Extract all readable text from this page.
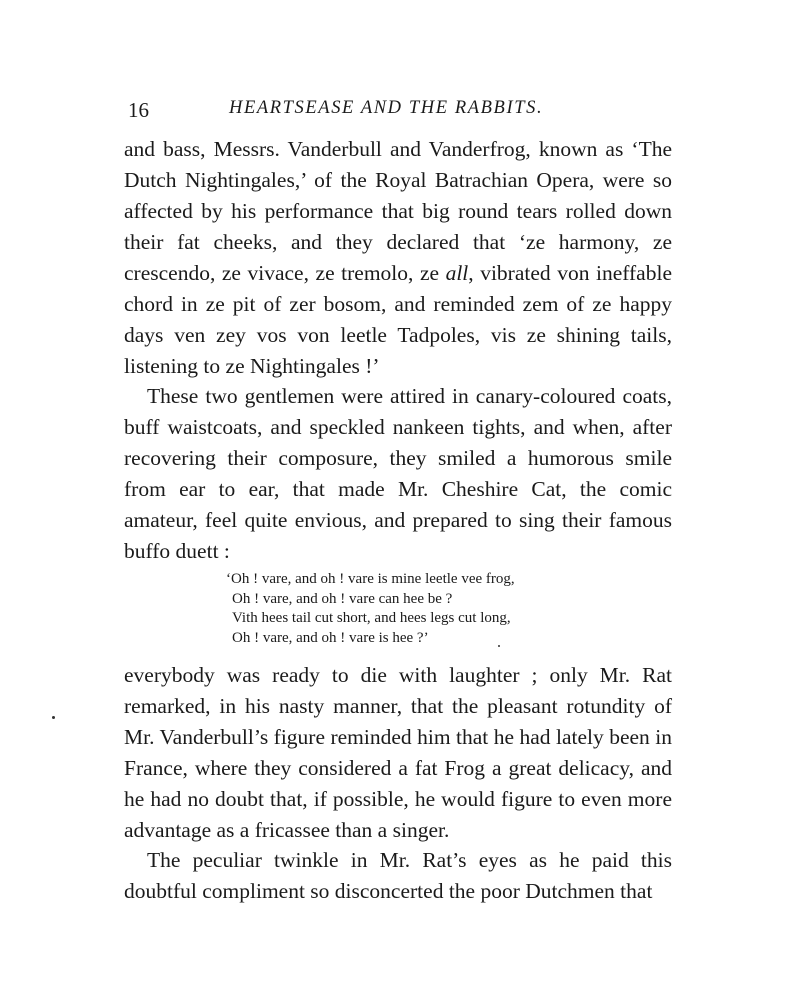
16	HEARTSEASE AND THE RABBITS.

and bass, Messrs. Vanderbull and Vanderfrog, known as ‘The Dutch Nightingales,’ of the Royal Batrachian Opera, were so affected by his performance that big round tears rolled down their fat cheeks, and they declared that ‘ze harmony, ze crescendo, ze vivace, ze tremolo, ze all, vibrated von ineffable chord in ze pit of zer bosom, and reminded zem of ze happy days ven zey vos von leetle Tadpoles, vis ze shining tails, listening to ze Nightingales !’

These two gentlemen were attired in canary-coloured coats, buff waistcoats, and speckled nankeen tights, and when, after recovering their composure, they smiled a humorous smile from ear to ear, that made Mr. Cheshire Cat, the comic amateur, feel quite envious, and prepared to sing their famous buffo duett :

‘Oh ! vare, and oh ! vare is mine leetle vee frog,
Oh ! vare, and oh ! vare can hee be ?
Vith hees tail cut short, and hees legs cut long,
Oh ! vare, and oh ! vare is hee ?’

everybody was ready to die with laughter ; only Mr. Rat remarked, in his nasty manner, that the pleasant rotundity of Mr. Vanderbull’s figure reminded him that he had lately been in France, where they considered a fat Frog a great delicacy, and he had no doubt that, if possible, he would figure to even more advantage as a fricassee than a singer.

The peculiar twinkle in Mr. Rat’s eyes as he paid this doubtful compliment so disconcerted the poor Dutchmen that
